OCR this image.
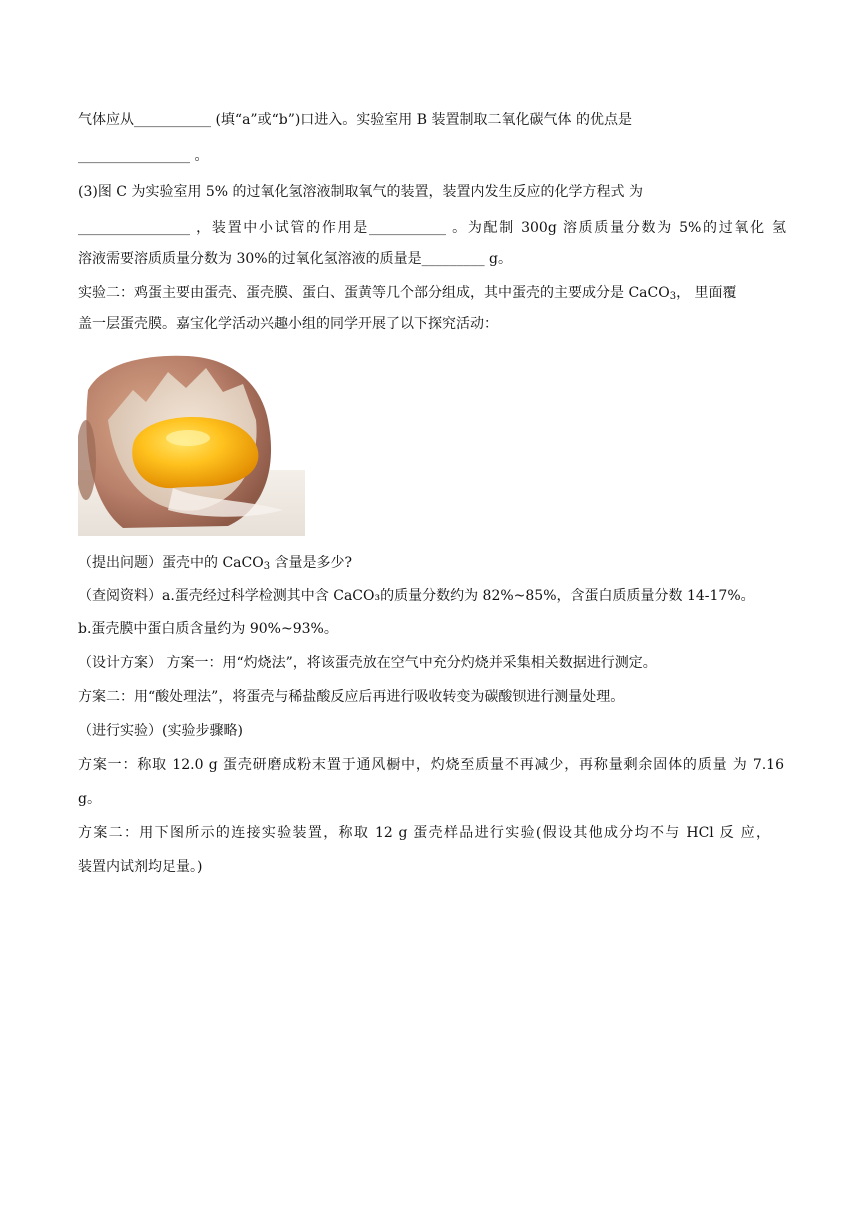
气体应从___________ (填“a”或“b”)口进入。实验室用 B 装置制取二氧化碳气体 的优点是
________________ 。
(3)图 C 为实验室用 5% 的过氧化氢溶液制取氧气的装置，装置内发生反应的化学方程式 为
________________ ，装置中小试管的作用是___________ 。为配制 300g 溶质质量分数为 5%的过氧化 氢
溶液需要溶质质量分数为 30%的过氧化氢溶液的质量是_________ g。
实验二：鸡蛋主要由蛋壳、蛋壳膜、蛋白、蛋黄等几个部分组成，其中蛋壳的主要成分是 CaCO$_3$， 里面覆
盖一层蛋壳膜。嘉宝化学活动兴趣小组的同学开展了以下探究活动：
（提出问题）蛋壳中的 CaCO$_3$ 含量是多少?
（查阅资料）a.蛋壳经过科学检测其中含 CaCO₃的质量分数约为 82%~85%，含蛋白质质量分数 14-17%。
b.蛋壳膜中蛋白质含量约为 90%~93%。
（设计方案） 方案一：用“灼烧法”，将该蛋壳放在空气中充分灼烧并采集相关数据进行测定。
方案二：用“酸处理法”，将蛋壳与稀盐酸反应后再进行吸收转变为碳酸钡进行测量处理。
（进行实验）(实验步骤略)
方案一：称取 12.0 g 蛋壳研磨成粉末置于通风橱中，灼烧至质量不再减少，再称量剩余固体的质量 为 7.16
g。
方案二：用下图所示的连接实验装置，称取 12 g 蛋壳样品进行实验(假设其他成分均不与 HCl 反 应，
装置内试剂均足量。)
